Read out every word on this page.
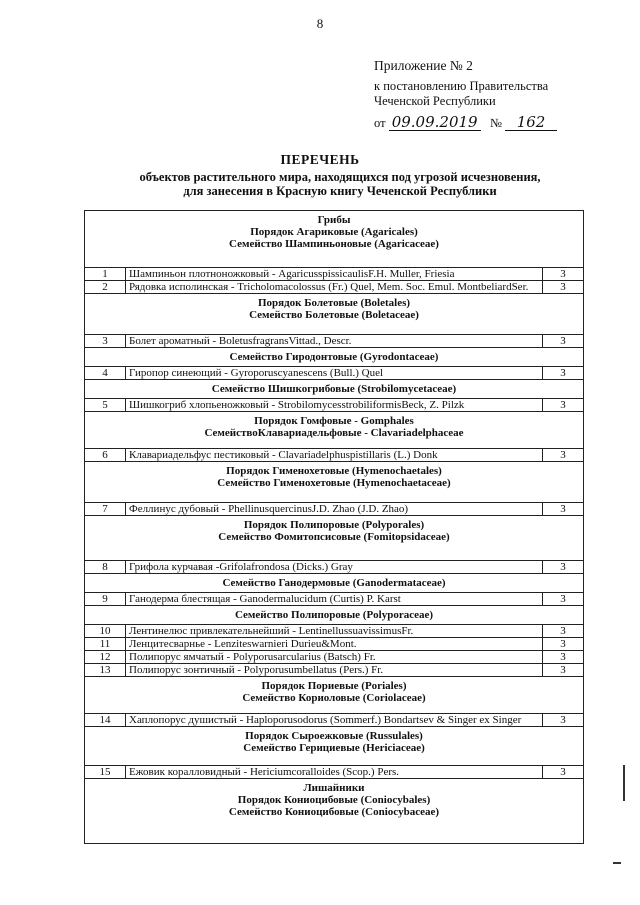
8
Приложение № 2
к постановлению Правительства
Чеченской Республики
от 09.09.2019 № 162
ПЕРЕЧЕНЬ
объектов растительного мира, находящихся под угрозой исчезновения,
для занесения в Красную книгу Чеченской Республики
Грибы
Порядок Агариковые (Agaricales)
Семейство Шампиньоновые (Agaricaceae)		

1	Шампиньон плотноножковый - AgaricusspissicaulisF.H. Muller, Friesia	3
2	Рядовка исполинская - Tricholomacolossus (Fr.) Quel, Mem. Soc. Emul. MontbeliardSer.	3

Порядок Болетовые (Boletales)
Семейство Болетовые (Boletaceae)		

3	Болет ароматный - BoletusfragransVittad., Descr.	3

Семейство Гиродонтовые (Gyrodontaceae)		

4	Гиропор синеющий - Gyroporuscyanescens (Bull.) Quel	3

Семейство Шишкогрибовые (Strobilomycetaceae)		

5	Шишкогриб хлопьеножковый - StrobilomycesstrobiliformisBeck, Z. Pilzk	3

Порядок Гомфовые - Gomphales
СемействоКлавариадельфовые - Clavariadelphaceae		

6	Клавариадельфус пестиковый - Clavariadelphuspistillaris (L.) Donk	3

Порядок Гименохетовые (Hymenochaetales)
Семейство Гименохетовые (Hymenochaetaceae)		

7	Феллинус дубовый - PhellinusquercinusJ.D. Zhao (J.D. Zhao)	3

Порядок Полипоровые (Polyporales)
Семейство Фомитопсисовые (Fomitopsidaceae)		

8	Грифола курчавая -Grifolafrondosa (Dicks.) Gray	3

Семейство Ганодермовые (Ganodermataceae)		

9	Ганодерма блестящая - Ganodermalucidum (Curtis) P. Karst	3

Семейство Полипоровые (Polyporaceae)		

10	Лентинелюс привлекательнейший - LentinellussuavissimusFr.	3
11	Ленцитесварнье - Lenziteswarnieri Durieu&Mont.	3
12	Полипорус ямчатый - Polyporusarcularius (Batsch) Fr.	3
13	Полипорус зонтичный - Polyporusumbellatus (Pers.) Fr.	3

Порядок Пориевые (Poriales)
Семейство Кориоловые (Coriolaceae)		

14	Хаплопорус душистый - Haploporusodorus (Sommerf.) Bondartsev & Singer ex Singer	3

Порядок Сыроежковые (Russulales)
Семейство Герициевые (Hericiaceae)		

15	Ежовик коралловидный - Hericiumcoralloides (Scop.) Pers.	3

Лишайники
Порядок Кониоцибовые (Coniocybales)
Семейство Кониоцибовые (Coniocybaceae)		
